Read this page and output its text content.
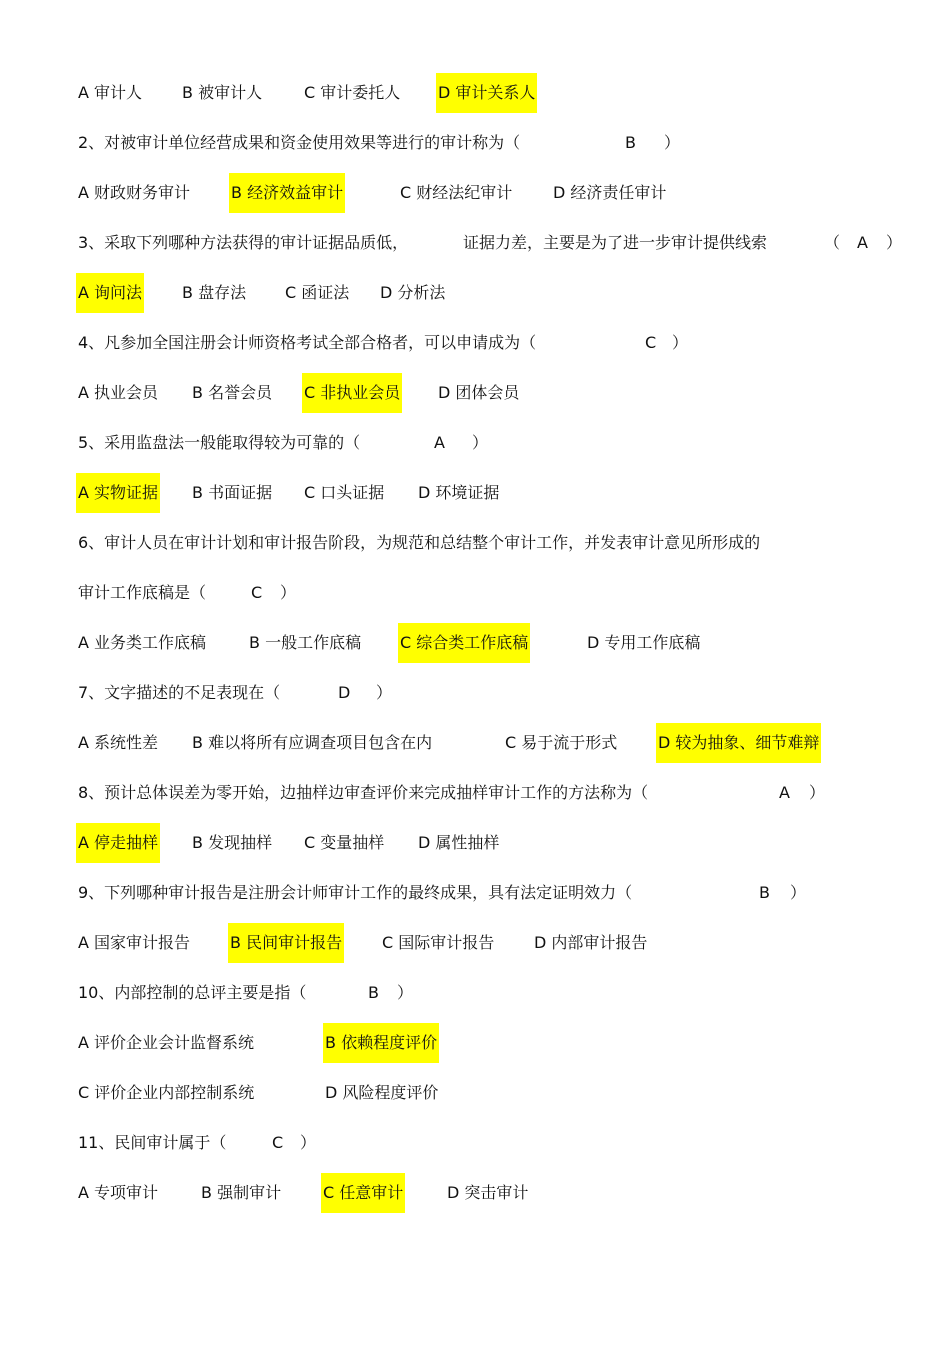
A 审计人 B 被审计人	C 审计委托人 D 审计关系人
2、对被审计单位经营成果和资金使用效果等进行的审计称为（	B ）
A 财政财务审计	B 经济效益审计	C 财经法纪审计	D 经济责任审计
3、采取下列哪种方法获得的审计证据品质低，	证据力差，主要是为了进一步审计提供线索	（ A ）
A 询问法 B 盘存法 C 函证法 D 分析法
4、凡参加全国注册会计师资格考试全部合格者，可以申请成为（	C ）
A 执业会员 B 名誉会员 C 非执业会员 D 团体会员
5、采用监盘法一般能取得较为可靠的（	A ）
A 实物证据 B 书面证据 C 口头证据 D 环境证据
6、审计人员在审计计划和审计报告阶段，为规范和总结整个审计工作，并发表审计意见所形成的
审计工作底稿是（	C ）
A 业务类工作底稿	B 一般工作底稿 C 综合类工作底稿	D 专用工作底稿
7、文字描述的不足表现在（	D ）
A 系统性差 B 难以将所有应调查项目包含在内	C 易于流于形式	D 较为抽象、细节难辩
8、预计总体误差为零开始，边抽样边审查评价来完成抽样审计工作的方法称为（	A ）
A 停走抽样 B 发现抽样 C 变量抽样 D 属性抽样
9、下列哪种审计报告是注册会计师审计工作的最终成果，具有法定证明效力（	B ）
A 国家审计报告 B 民间审计报告 C 国际审计报告 D 内部审计报告
10、内部控制的总评主要是指（	B ）
A 评价企业会计监督系统	B 依赖程度评价
C 评价企业内部控制系统	D 风险程度评价
11、民间审计属于（	C ）
A 专项审计	B 强制审计	C 任意审计	D 突击审计
